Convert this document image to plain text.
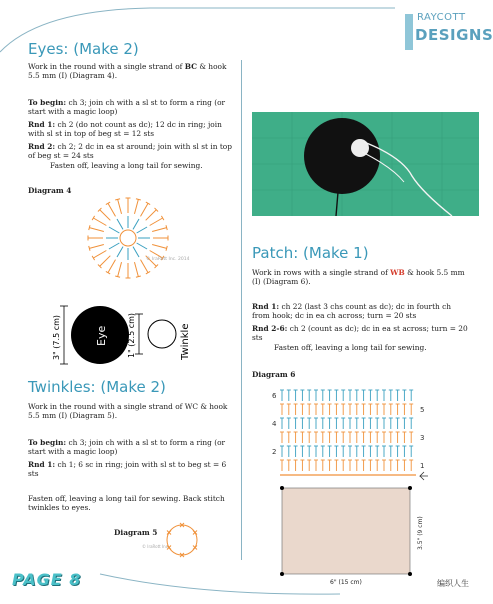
RAYCOTT
DESIGNS
Eyes: (Make 2)
Work in the round with a single strand of BC & hook 5.5 mm (I) (Diagram 4).
To begin: ch 3; join ch with a sl st to form a ring (or start with a magic loop)
Rnd 1: ch 2 (do not count as dc); 12 dc in ring; join with sl st in top of beg st = 12 sts
Rnd 2: ch 2; 2 dc in ea st around; join with sl st in top of beg st = 24 sts
Fasten off, leaving a long tail for sewing.
Diagram 4
© IraRott Inc. 2014
3" (7.5 cm)	Eye 1" (2.5 cm)	Twinkle
Twinkles: (Make 2)
Work in the round with a single strand of WC & hook 5.5 mm (I) (Diagram 5).
To begin: ch 3; join ch with a sl st to form a ring (or start with a magic loop)
Rnd 1: ch 1; 6 sc in ring; join with sl st to beg st = 6 sts
Fasten off, leaving a long tail for sewing. Back stitch twinkles to eyes.
Diagram 5
© IraRott Inc.
Patch: (Make 1)
Work in rows with a single strand of WB & hook 5.5 mm (I) (Diagram 6).
Rnd 1: ch 22 (last 3 chs count as dc); dc in fourth ch from hook; dc in ea ch across; turn = 20 sts
Rnd 2-6: ch 2 (count as dc); dc in ea st across; turn = 20 sts
Fasten off, leaving a long tail for sewing.
Diagram 6
6
5
4
3
2
1
3.5" (9 cm)
6" (15 cm)
PAGE 8	编织人生
